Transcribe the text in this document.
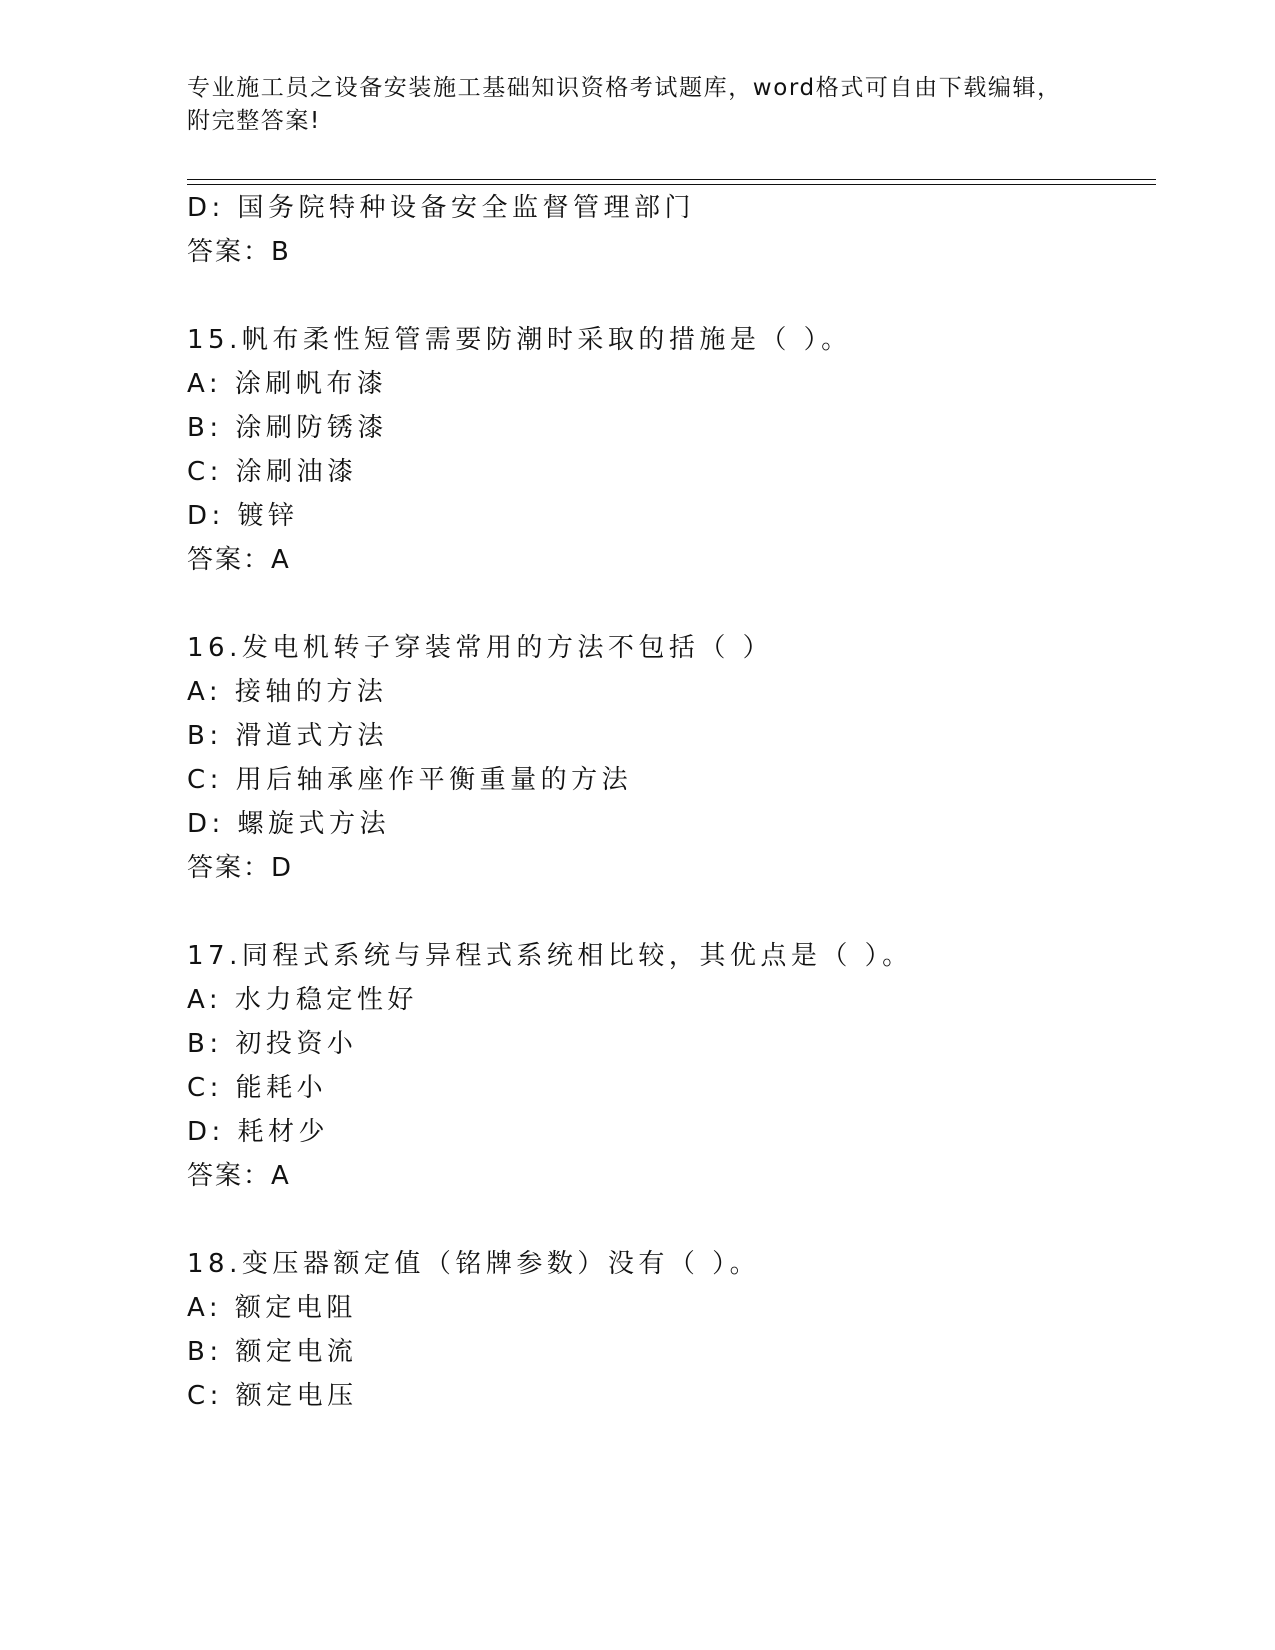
专业施工员之设备安装施工基础知识资格考试题库，word格式可自由下载编辑，
附完整答案!
D: 国务院特种设备安全监督管理部门
答案：B
15.帆布柔性短管需要防潮时采取的措施是（ ）。
A: 涂刷帆布漆
B: 涂刷防锈漆
C: 涂刷油漆
D: 镀锌
答案：A
16.发电机转子穿装常用的方法不包括（ ）
A: 接轴的方法
B: 滑道式方法
C: 用后轴承座作平衡重量的方法
D: 螺旋式方法
答案：D
17.同程式系统与异程式系统相比较，其优点是（ ）。
A: 水力稳定性好
B: 初投资小
C: 能耗小
D: 耗材少
答案：A
18.变压器额定值（铭牌参数）没有（ ）。
A: 额定电阻
B: 额定电流
C: 额定电压
